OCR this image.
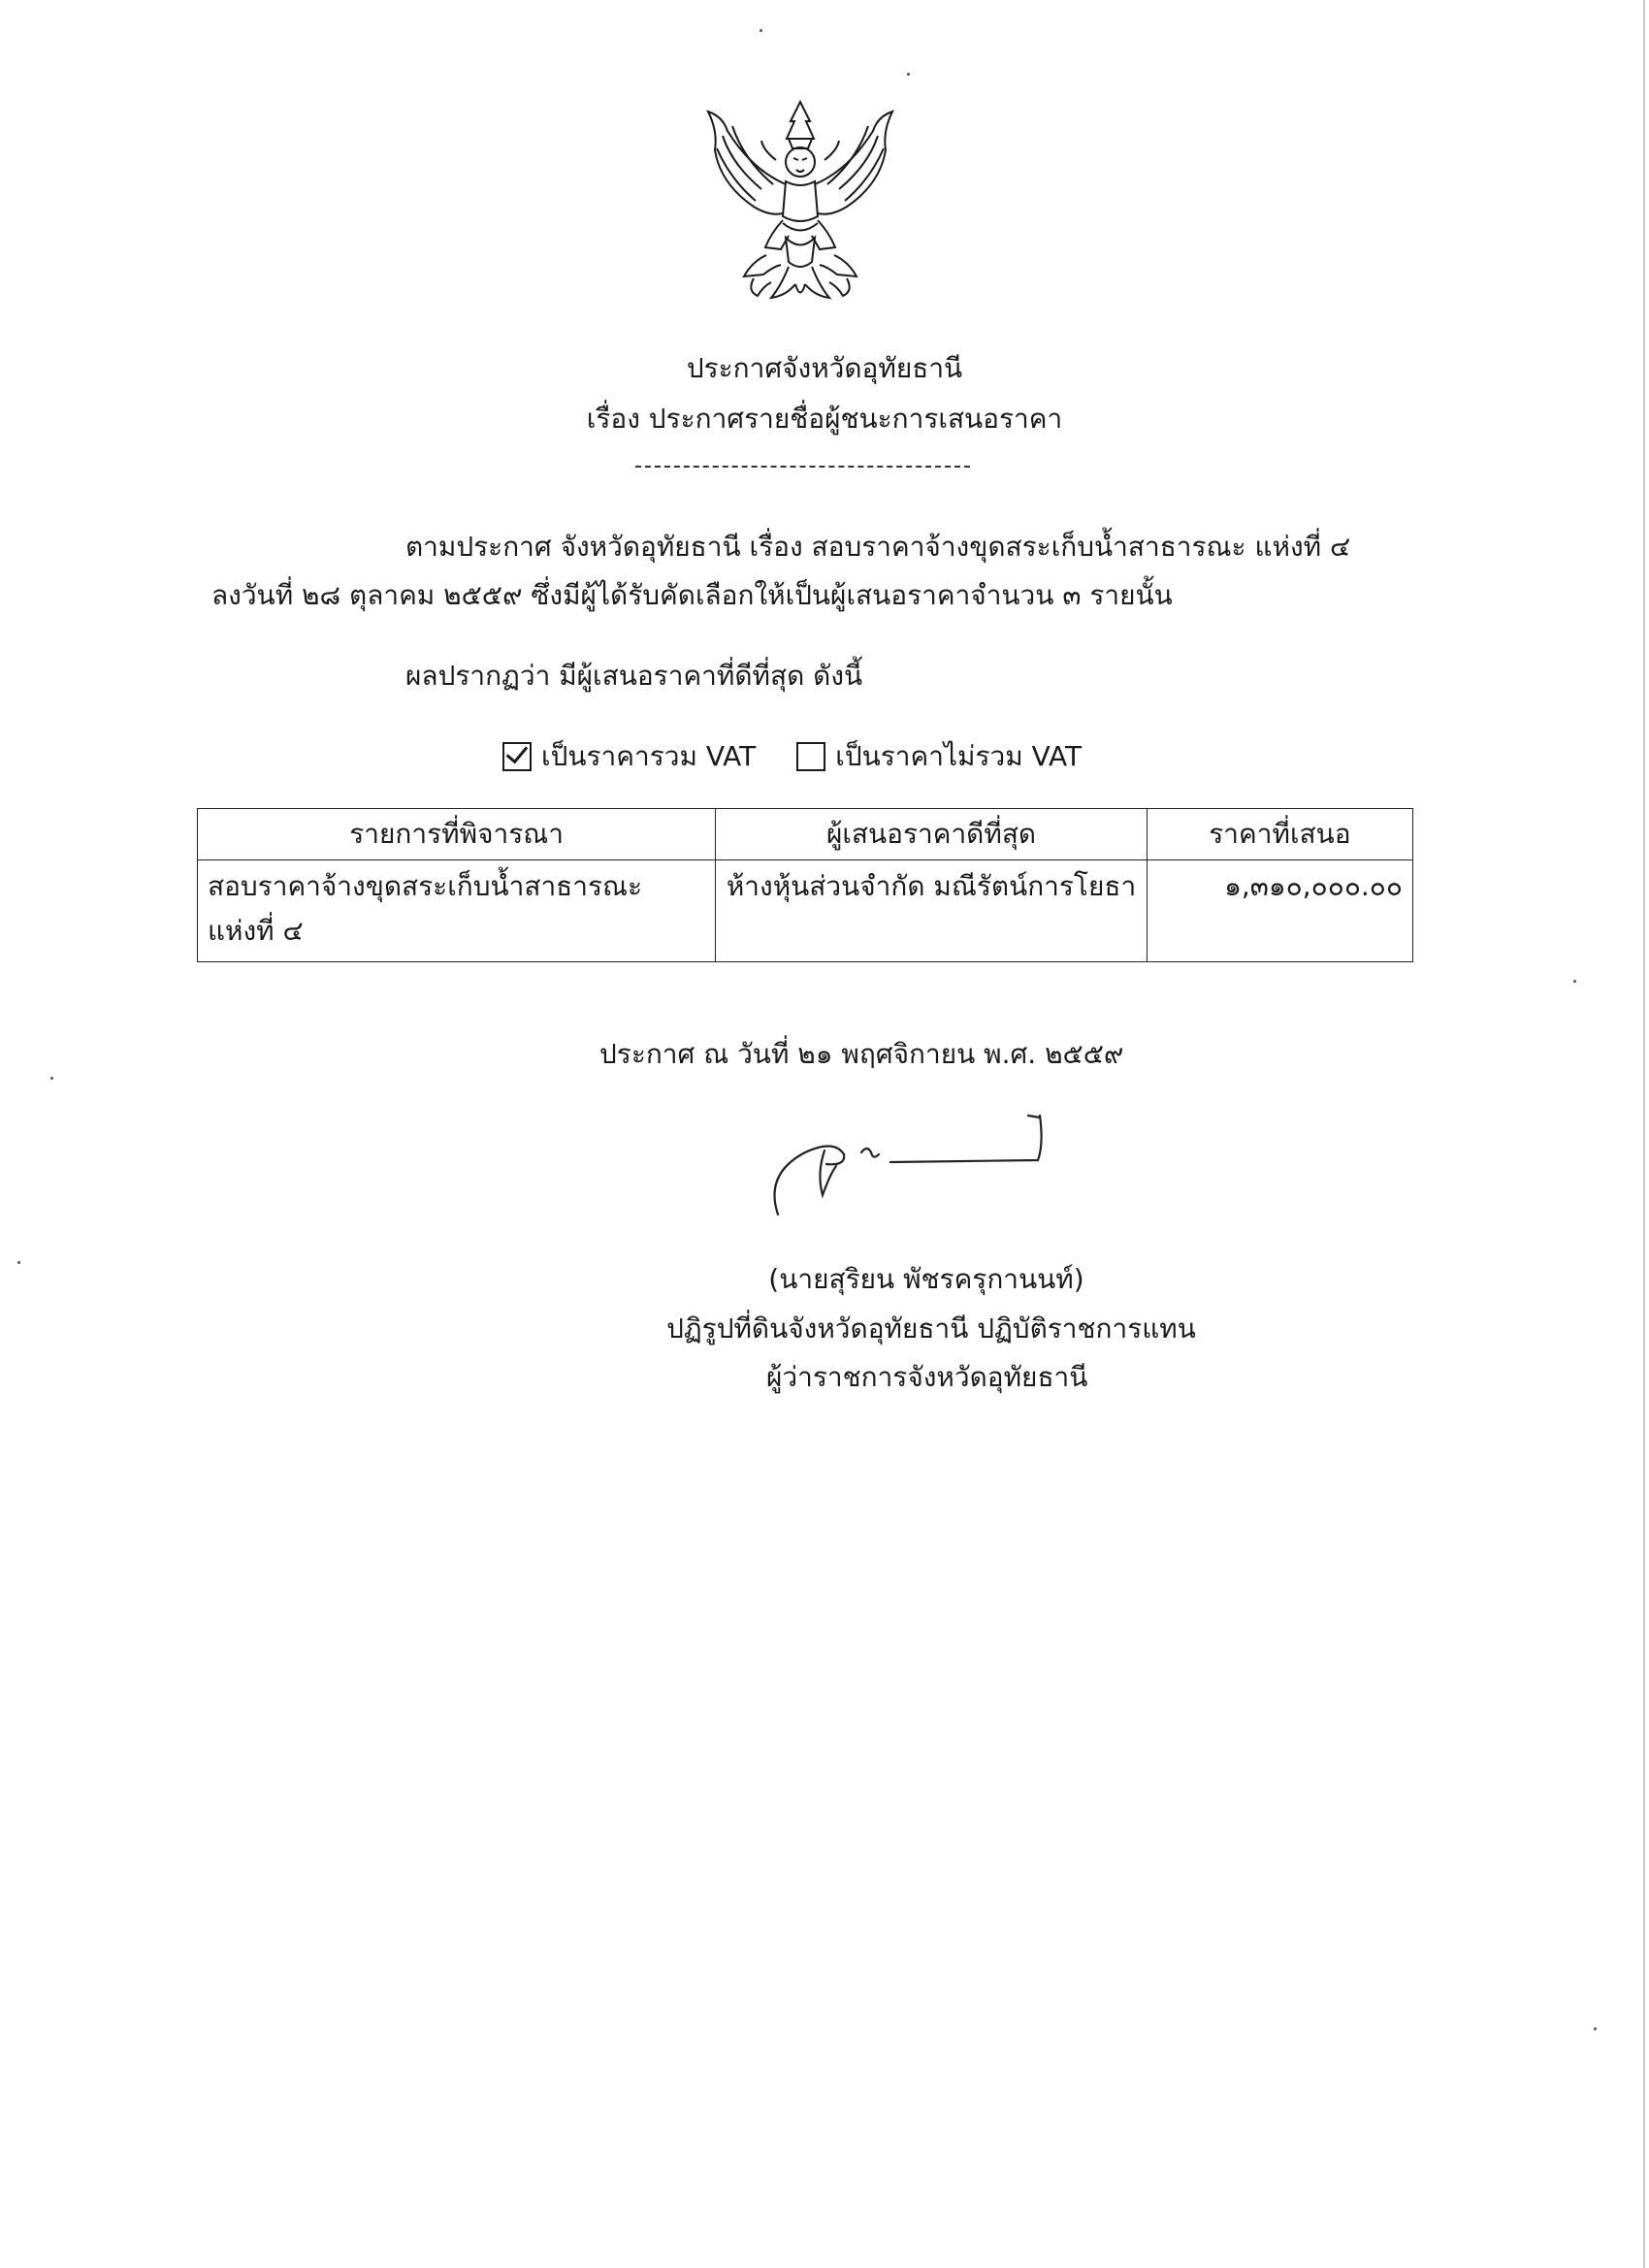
ประกาศจังหวัดอุทัยธานี
เรื่อง ประกาศรายชื่อผู้ชนะการเสนอราคา
ตามประกาศ จังหวัดอุทัยธานี เรื่อง สอบราคาจ้างขุดสระเก็บน้ำสาธารณะ แห่งที่ ๔
ลงวันที่ ๒๘ ตุลาคม ๒๕๕๙ ซึ่งมีผู้ได้รับคัดเลือกให้เป็นผู้เสนอราคาจำนวน ๓ รายนั้น
ผลปรากฏว่า มีผู้เสนอราคาที่ดีที่สุด ดังนี้
เป็นราคารวม VAT	เป็นราคาไม่รวม VAT
รายการที่พิจารณา	ผู้เสนอราคาดีที่สุด	ราคาที่เสนอ

สอบราคาจ้างขุดสระเก็บน้ำสาธารณะ
แห่งที่ ๔	ห้างหุ้นส่วนจำกัด มณีรัตน์การโยธา	๑,๓๑๐,๐๐๐.๐๐
ประกาศ ณ วันที่ ๒๑ พฤศจิกายน พ.ศ. ๒๕๕๙
(นายสุริยน พัชรครุกานนท์)
ปฏิรูปที่ดินจังหวัดอุทัยธานี ปฏิบัติราชการแทน
ผู้ว่าราชการจังหวัดอุทัยธานี
